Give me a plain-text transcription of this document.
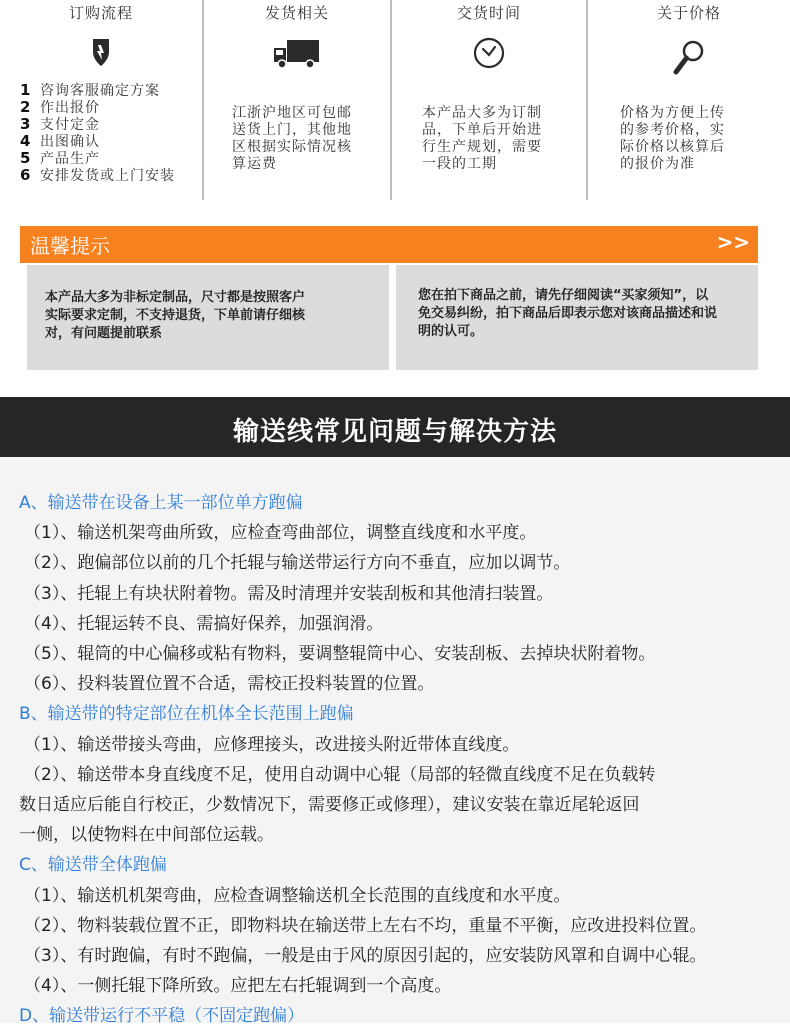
订购流程
1 咨询客服确定方案
2 作出报价
3 支付定金
4 出图确认
5 产品生产
6 安排发货或上门安装
发货相关
江浙沪地区可包邮
送货上门，其他地
区根据实际情况核
算运费
交货时间
本产品大多为订制
品，下单后开始进
行生产规划，需要
一段的工期
关于价格
价格为方便上传
的参考价格，实
际价格以核算后
的报价为准
温馨提示	>>
本产品大多为非标定制品，尺寸都是按照客户
实际要求定制，不支持退货，下单前请仔细核
对，有问题提前联系
您在拍下商品之前，请先仔细阅读“买家须知”，以
免交易纠纷，拍下商品后即表示您对该商品描述和说
明的认可。
输送线常见问题与解决方法
A、输送带在设备上某一部位单方跑偏
（1）、输送机架弯曲所致，应检查弯曲部位，调整直线度和水平度。
（2）、跑偏部位以前的几个托辊与输送带运行方向不垂直，应加以调节。
（3）、托辊上有块状附着物。需及时清理并安装刮板和其他清扫装置。
（4）、托辊运转不良、需搞好保养，加强润滑。
（5）、辊筒的中心偏移或粘有物料，要调整辊筒中心、安装刮板、去掉块状附着物。
（6）、投料装置位置不合适，需校正投料装置的位置。
B、输送带的特定部位在机体全长范围上跑偏
（1）、输送带接头弯曲，应修理接头，改进接头附近带体直线度。
（2）、输送带本身直线度不足，使用自动调中心辊（局部的轻微直线度不足在负载转
数日适应后能自行校正，少数情况下，需要修正或修理），建议安装在靠近尾轮返回
一侧，以使物料在中间部位运载。
C、输送带全体跑偏
（1）、输送机机架弯曲，应检查调整输送机全长范围的直线度和水平度。
（2）、物料装载位置不正，即物料块在输送带上左右不均，重量不平衡，应改进投料位置。
（3）、有时跑偏，有时不跑偏，一般是由于风的原因引起的，应安装防风罩和自调中心辊。
（4）、一侧托辊下降所致。应把左右托辊调到一个高度。
D、输送带运行不平稳（不固定跑偏）
